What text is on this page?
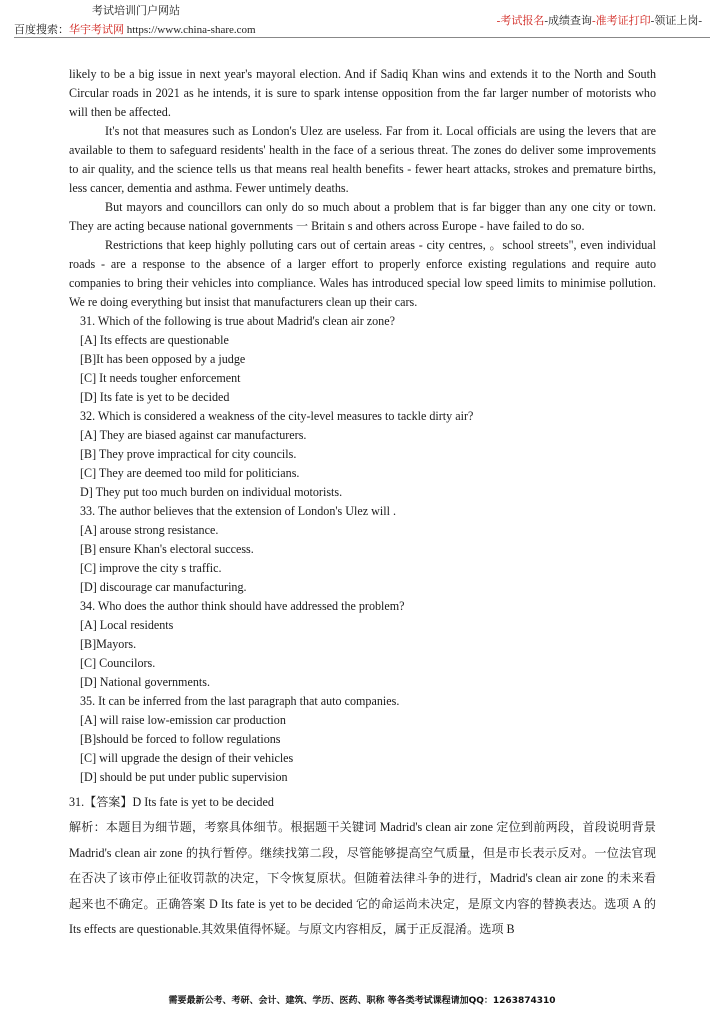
考试培训门户网站
百度搜索：华宇考试网 https://www.china-share.com
-考试报名-成绩查询-准考证打印-领证上岗-

likely to be a big issue in next year's mayoral election. And if Sadiq Khan wins and extends it to the North and South Circular roads in 2021 as he intends, it is sure to spark intense opposition from the far larger number of motorists who will then be affected.

It's not that measures such as London's Ulez are useless. Far from it. Local officials are using the levers that are available to them to safeguard residents' health in the face of a serious threat. The zones do deliver some improvements to air quality, and the science tells us that means real health benefits - fewer heart attacks, strokes and premature births, less cancer, dementia and asthma. Fewer untimely deaths.

But mayors and councillors can only do so much about a problem that is far bigger than any one city or town. They are acting because national governments 一 Britain s and others across Europe - have failed to do so.

Restrictions that keep highly polluting cars out of certain areas - city centres, 。school streets", even individual roads - are a response to the absence of a larger effort to properly enforce existing regulations and require auto companies to bring their vehicles into compliance. Wales has introduced special low speed limits to minimise pollution. We re doing everything but insist that manufacturers clean up their cars.

31. Which of the following is true about Madrid's clean air zone?

[A] Its effects are questionable

[B]It has been opposed by a judge

[C] It needs tougher enforcement

[D] Its fate is yet to be decided

32. Which is considered a weakness of the city-level measures to tackle dirty air?

[A] They are biased against car manufacturers.

[B] They prove impractical for city councils.

[C] They are deemed too mild for politicians.

D] They put too much burden on individual motorists.

33. The author believes that the extension of London's Ulez will .

[A] arouse strong resistance.

[B] ensure Khan's electoral success.

[C] improve the city s traffic.

[D] discourage car manufacturing.

34. Who does the author think should have addressed the problem?

[A] Local residents

[B]Mayors.

[C] Councilors.

[D] National governments.

35. It can be inferred from the last paragraph that auto companies.

[A] will raise low-emission car production

[B]should be forced to follow regulations

[C] will upgrade the design of their vehicles

[D] should be put under public supervision

31.【答案】D Its fate is yet to be decided

解析：本题目为细节题，考察具体细节。根据题干关键词 Madrid's clean air zone 定位到前两段，首段说明背景 Madrid's clean air zone 的执行暂停。继续找第二段，尽管能够提高空气质量，但是市长表示反对。一位法官现在否决了该市停止征收罚款的决定，下令恢复原状。但随着法律斗争的进行，Madrid's clean air zone 的未来看起来也不确定。正确答案 D Its fate is yet to be decided 它的命运尚未决定，是原文内容的替换表达。选项 A 的 Its effects are questionable.其效果值得怀疑。与原文内容相反，属于正反混淆。选项 B

需要最新公考、考研、会计、建筑、学历、医药、职称 等各类考试课程请加QQ：1263874310
